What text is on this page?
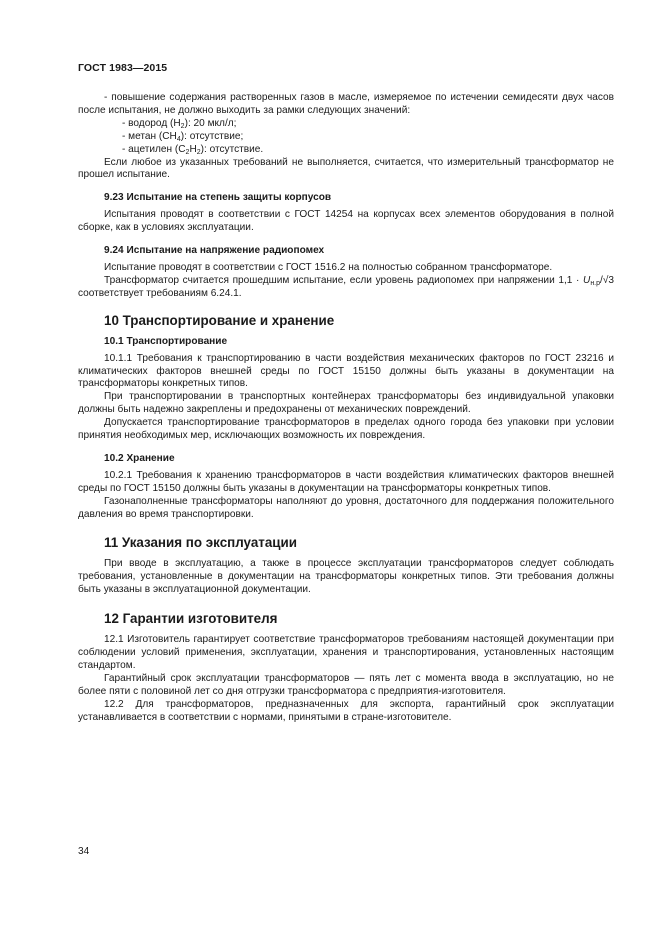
ГОСТ 1983—2015

- повышение содержания растворенных газов в масле, измеряемое по истечении семидесяти двух часов после испытания, не должно выходить за рамки следующих значений:

- водород $(H_2)$: 20 мкл/л;

- метан $(CH_4)$: отсутствие;

- ацетилен $(C_2H_2)$: отсутствие.

Если любое из указанных требований не выполняется, считается, что измерительный трансформатор не прошел испытание.

9.23 Испытание на степень защиты корпусов

Испытания проводят в соответствии с ГОСТ 14254 на корпусах всех элементов оборудования в полной сборке, как в условиях эксплуатации.

9.24 Испытание на напряжение радиопомех

Испытание проводят в соответствии с ГОСТ 1516.2 на полностью собранном трансформаторе.

Трансформатор считается прошедшим испытание, если уровень радиопомех при напряжении $1,1 \cdot U_{н.р}/√3$ соответствует требованиям 6.24.1.

10 Транспортирование и хранение
10.1 Транспортирование

10.1.1 Требования к транспортированию в части воздействия механических факторов по ГОСТ 23216 и климатических факторов внешней среды по ГОСТ 15150 должны быть указаны в документации на трансформаторы конкретных типов.

При транспортировании в транспортных контейнерах трансформаторы без индивидуальной упаковки должны быть надежно закреплены и предохранены от механических повреждений.

Допускается транспортирование трансформаторов в пределах одного города без упаковки при условии принятия необходимых мер, исключающих возможность их повреждения.

10.2 Хранение

10.2.1 Требования к хранению трансформаторов в части воздействия климатических факторов внешней среды по ГОСТ 15150 должны быть указаны в документации на трансформаторы конкретных типов.

Газонаполненные трансформаторы наполняют до уровня, достаточного для поддержания положительного давления во время транспортировки.

11 Указания по эксплуатации

При вводе в эксплуатацию, а также в процессе эксплуатации трансформаторов следует соблюдать требования, установленные в документации на трансформаторы конкретных типов. Эти требования должны быть указаны в эксплуатационной документации.

12 Гарантии изготовителя

12.1 Изготовитель гарантирует соответствие трансформаторов требованиям настоящей документации при соблюдении условий применения, эксплуатации, хранения и транспортирования, установленных настоящим стандартом.

Гарантийный срок эксплуатации трансформаторов — пять лет с момента ввода в эксплуатацию, но не более пяти с половиной лет со дня отгрузки трансформатора с предприятия-изготовителя.

12.2 Для трансформаторов, предназначенных для экспорта, гарантийный срок эксплуатации устанавливается в соответствии с нормами, принятыми в стране-изготовителе.

34
